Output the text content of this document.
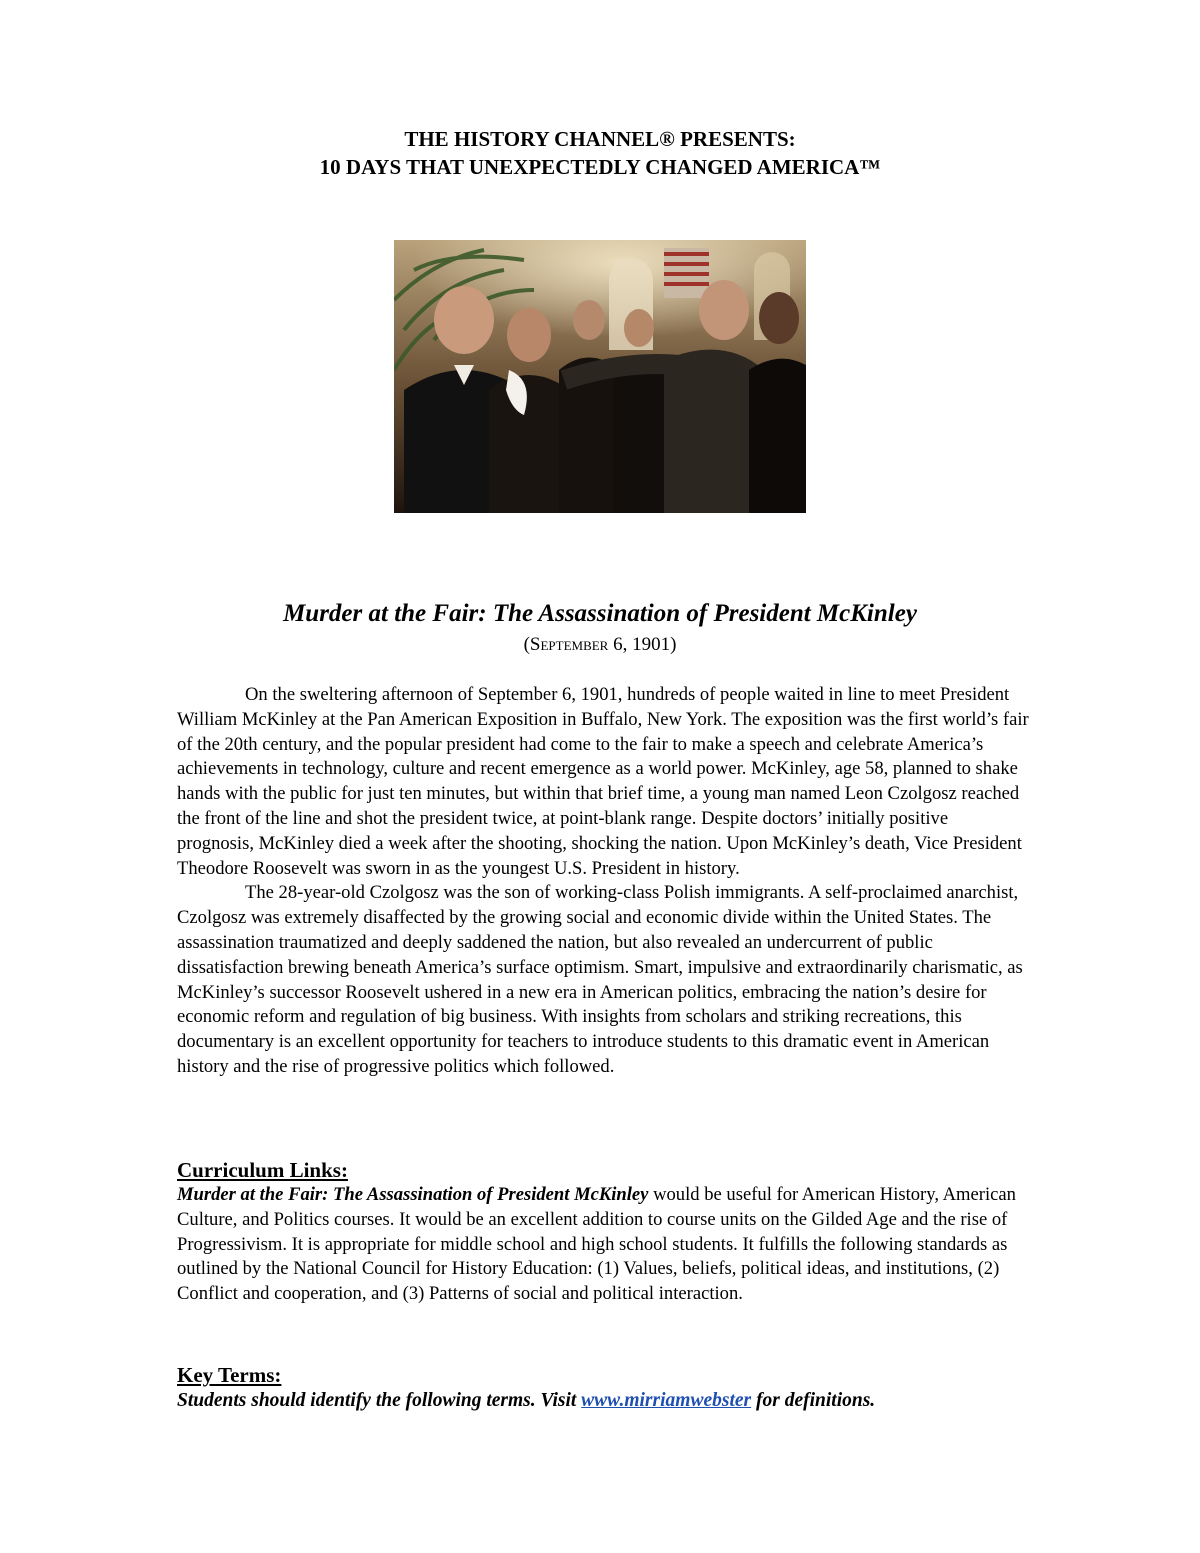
THE HISTORY CHANNEL® PRESENTS:
10 DAYS THAT UNEXPECTEDLY CHANGED AMERICA™
Murder at the Fair: The Assassination of President McKinley
(September 6, 1901)

On the sweltering afternoon of September 6, 1901, hundreds of people waited in line to meet President William McKinley at the Pan American Exposition in Buffalo, New York. The exposition was the first world’s fair of the 20th century, and the popular president had come to the fair to make a speech and celebrate America’s achievements in technology, culture and recent emergence as a world power. McKinley, age 58, planned to shake hands with the public for just ten minutes, but within that brief time, a young man named Leon Czolgosz reached the front of the line and shot the president twice, at point-blank range. Despite doctors’ initially positive prognosis, McKinley died a week after the shooting, shocking the nation. Upon McKinley’s death, Vice President Theodore Roosevelt was sworn in as the youngest U.S. President in history.

The 28-year-old Czolgosz was the son of working-class Polish immigrants. A self-proclaimed anarchist, Czolgosz was extremely disaffected by the growing social and economic divide within the United States. The assassination traumatized and deeply saddened the nation, but also revealed an undercurrent of public dissatisfaction brewing beneath America’s surface optimism. Smart, impulsive and extraordinarily charismatic, as McKinley’s successor Roosevelt ushered in a new era in American politics, embracing the nation’s desire for economic reform and regulation of big business. With insights from scholars and striking recreations, this documentary is an excellent opportunity for teachers to introduce students to this dramatic event in American history and the rise of progressive politics which followed.

Curriculum Links:
Murder at the Fair: The Assassination of President McKinley would be useful for American History, American Culture, and Politics courses. It would be an excellent addition to course units on the Gilded Age and the rise of Progressivism. It is appropriate for middle school and high school students. It fulfills the following standards as outlined by the National Council for History Education: (1) Values, beliefs, political ideas, and institutions, (2) Conflict and cooperation, and (3) Patterns of social and political interaction.
Key Terms:
Students should identify the following terms. Visit www.mirriamwebster for definitions.
